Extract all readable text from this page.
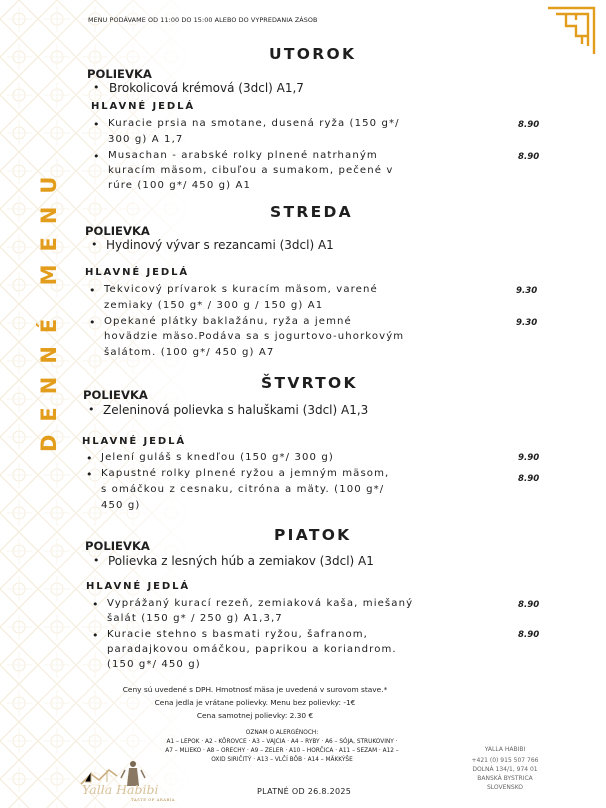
DENNÉ MENU
MENU PODÁVAME OD 11:00 DO 15:00 ALEBO DO VYPREDANIA ZÁSOB
UTOROK
POLIEVKA
• Brokolicová krémová (3dcl) A1,7
HLAVNÉ JEDLÁ
• Kuracie prsia na smotane, dusená ryža (150 g*/
300 g) A 1,7
8.90
• Musachan - arabské rolky plnené natrhaným
kuracím mäsom, cibuľou a sumakom, pečené v
rúre (100 g*/ 450 g) A1
8.90
STREDA
POLIEVKA
• Hydinový vývar s rezancami (3dcl) A1
HLAVNÉ JEDLÁ
• Tekvicový prívarok s kuracím mäsom, varené
zemiaky (150 g* / 300 g / 150 g) A1
9.30
• Opekané plátky baklažánu, ryža a jemné
hovädzie mäso.Podáva sa s jogurtovo-uhorkovým
šalátom. (100 g*/ 450 g) A7
9.30
ŠTVRTOK
POLIEVKA
• Zeleninová polievka s haluškami (3dcl) A1,3
HLAVNÉ JEDLÁ
• Jelení guláš s knedľou (150 g*/ 300 g)	9.90
• Kapustné rolky plnené ryžou a jemným mäsom,
s omáčkou z cesnaku, citróna a mäty. (100 g*/
450 g)
8.90
PIATOK
POLIEVKA
• Polievka z lesných húb a zemiakov (3dcl) A1
HLAVNÉ JEDLÁ
• Vyprážaný kurací rezeň, zemiaková kaša, miešaný
šalát (150 g* / 250 g) A1,3,7
8.90
• Kuracie stehno s basmati ryžou, šafranom,
paradajkovou omáčkou, paprikou a koriandrom.
(150 g*/ 450 g)
8.90
Ceny sú uvedené s DPH. Hmotnosť mäsa je uvedená v surovom stave.*
Cena jedla je vrátane polievky. Menu bez polievky: -1€
Cena samotnej polievky: 2.30 €
OZNAM O ALERGÉNOCH:
A1 – LEPOK · A2 - KÔROVCE · A3 – VAJCIA · A4 – RYBY · A6 – SÓJA, STRUKOVINY ·
A7 – MLIEKO · A8 – ORECHY · A9 – ZELER · A10 – HORČICA · A11 – SEZAM · A12 –
OXID SIRIČITÝ · A13 – VLČÍ BÔB · A14 – MÄKKÝŠE
YALLA HABIBI
+421 (0) 915 507 766
DOLNÁ 134/1, 974 01
BANSKÁ BYSTRICA
SLOVENSKO
Yalla Habibi
TASTE OF ARABIA
PLATNÉ OD 26.8.2025
